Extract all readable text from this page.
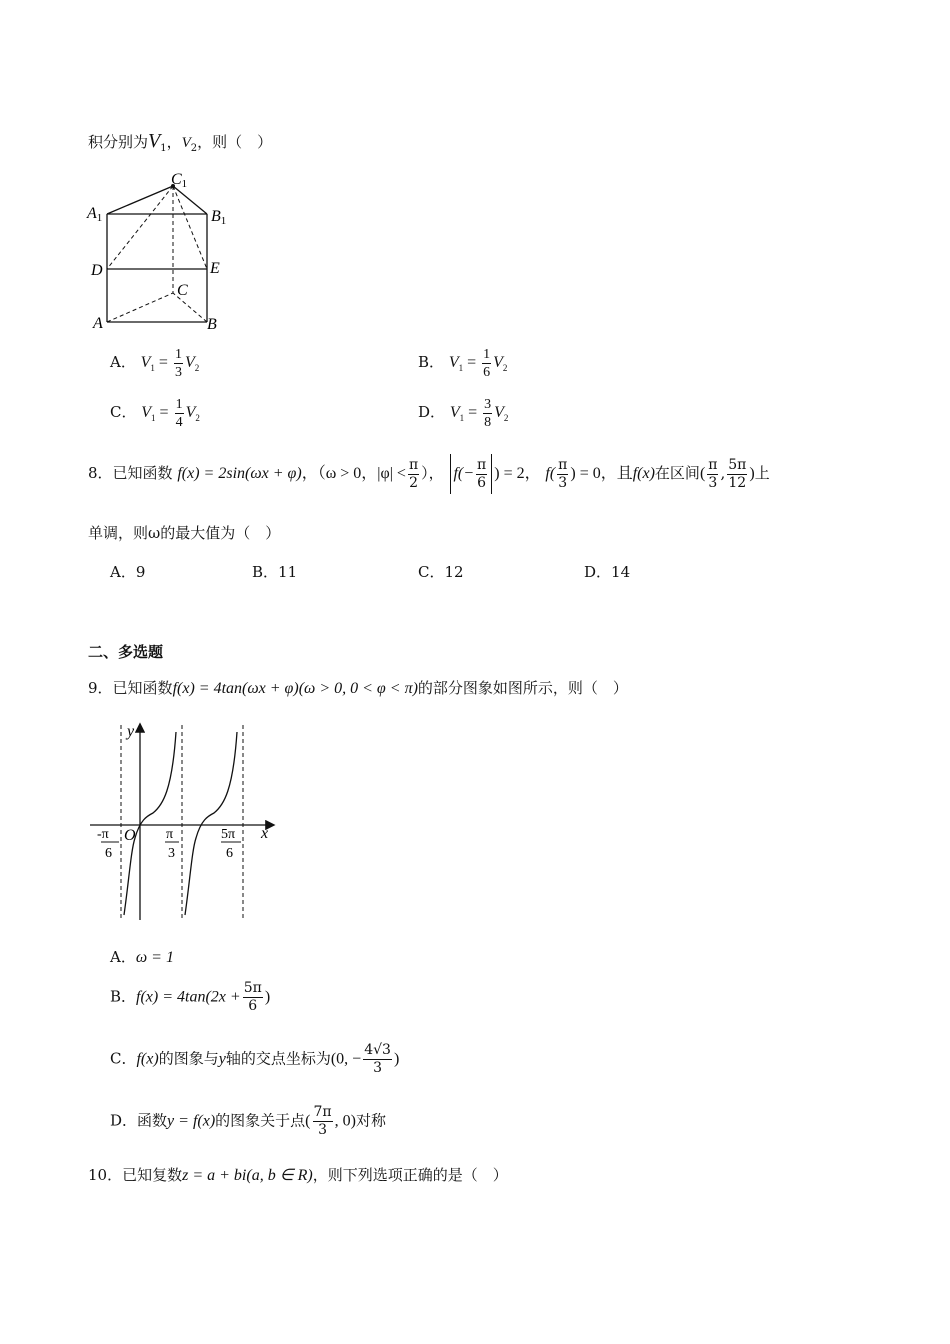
积分别为$V_1$，$V_2$，则（　）
C1
A1	B1
D	E
C
A	B
A． $V_1 = \frac{1}{3} V_2$	B． $V_1 = \frac{1}{6} V_2$
C． $V_1 = \frac{1}{4} V_2$	D． $V_1 = \frac{3}{8} V_2$
8．已知函数 f(x) = 2sin(ωx + φ)，（ω > 0，$|\varphi| < \frac{\pi}{2}$ ）， $f(- \frac{\pi}{6}$ ) = 2， $f( \frac{\pi}{3}$ ) = 0，且f(x)在区间( $\frac{\pi}{3}$ , $\frac{5\pi}{12}$ )上
单调，则ω的最大值为（　）
A．9	B．11	C．12	D．14
二、多选题
9．已知函数f(x) = 4tan(ωx + φ)(ω > 0, 0 < φ < π)的部分图象如图所示，则（　）
y
x
O
-π
6
π
3
5π
6
A．ω = 1
B．$f(x) = 4\tan(2x + \frac{5\pi}{6}$ )
C．f(x)的图象与y轴的交点坐标为(0, − $\frac{4√3}{3}$ )
D．函数y = f(x)的图象关于点( $\frac{7\pi}{3}$ , 0)对称
10．已知复数z = a + bi(a, b ∈ R)，则下列选项正确的是（　）
